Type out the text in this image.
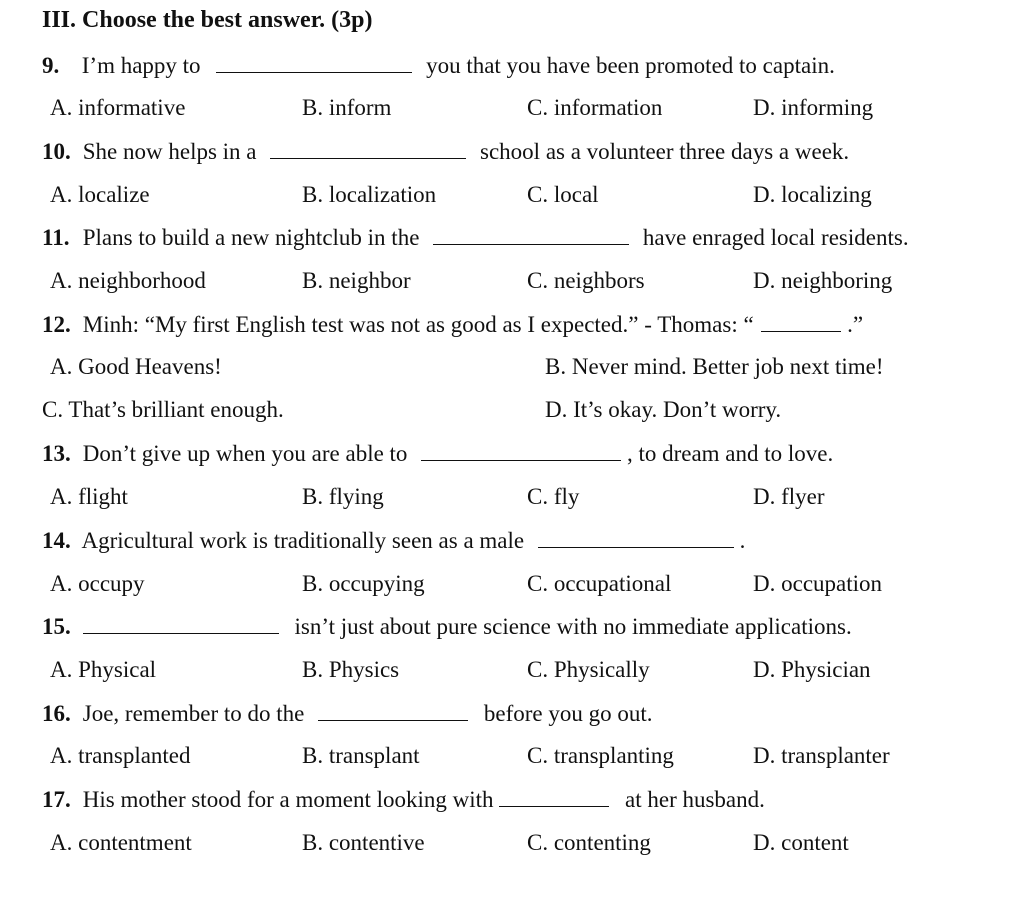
III. Choose the best answer. (3p)
9. I’m happy to	you that you have been promoted to captain.
A. informative	B. inform	C. information	D. informing
10. She now helps in a	school as a volunteer three days a week.
A. localize	B. localization	C. local	D. localizing
11. Plans to build a new nightclub in the	have enraged local residents.
A. neighborhood	B. neighbor	C. neighbors	D. neighboring
12. Minh: “My first English test was not as good as I expected.” - Thomas: “	.”
A. Good Heavens!	B. Never mind. Better job next time!
C. That’s brilliant enough.	D. It’s okay. Don’t worry.
13. Don’t give up when you are able to	, to dream and to love.
A. flight	B. flying	C. fly	D. flyer
14. Agricultural work is traditionally seen as a male	.
A. occupy	B. occupying	C. occupational	D. occupation
15.	isn’t just about pure science with no immediate applications.
A. Physical	B. Physics	C. Physically	D. Physician
16. Joe, remember to do the	before you go out.
A. transplanted	B. transplant	C. transplanting	D. transplanter
17. His mother stood for a moment looking with	at her husband.
A. contentment	B. contentive	C. contenting	D. content
